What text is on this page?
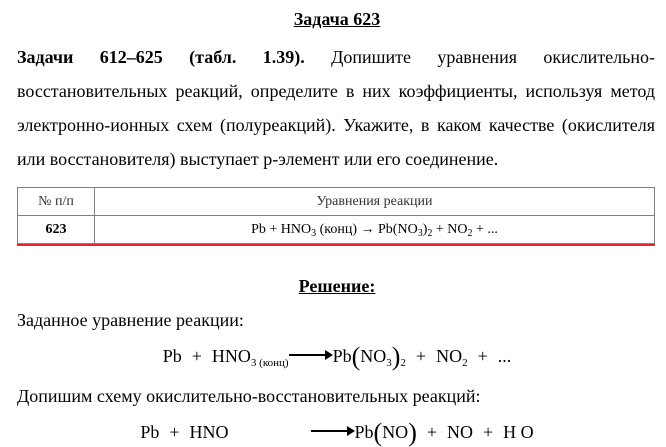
Задача 623
Задачи 612–625 (табл. 1.39). Допишите уравнения окислительно-восстановительных реакций, определите в них коэффициенты, используя метод электронно-ионных схем (полуреакций). Укажите, в каком качестве (окислителя или восстановителя) выступает p-элемент или его соединение.
№ п/п	Уравнения реакции
623	$Pb + HNO_3$ (конц) → $Pb(NO_3)_2 + NO_2$ + ...
Решение:
Заданное уравнение реакции:
$Pb + HNO_{3 (конц)}$ $Pb(NO_3)_2 + NO_2$ + ...
Допишим схему окислительно-восстановительных реакций:
Pb + HNO	Pb(NO) + NO + H O
